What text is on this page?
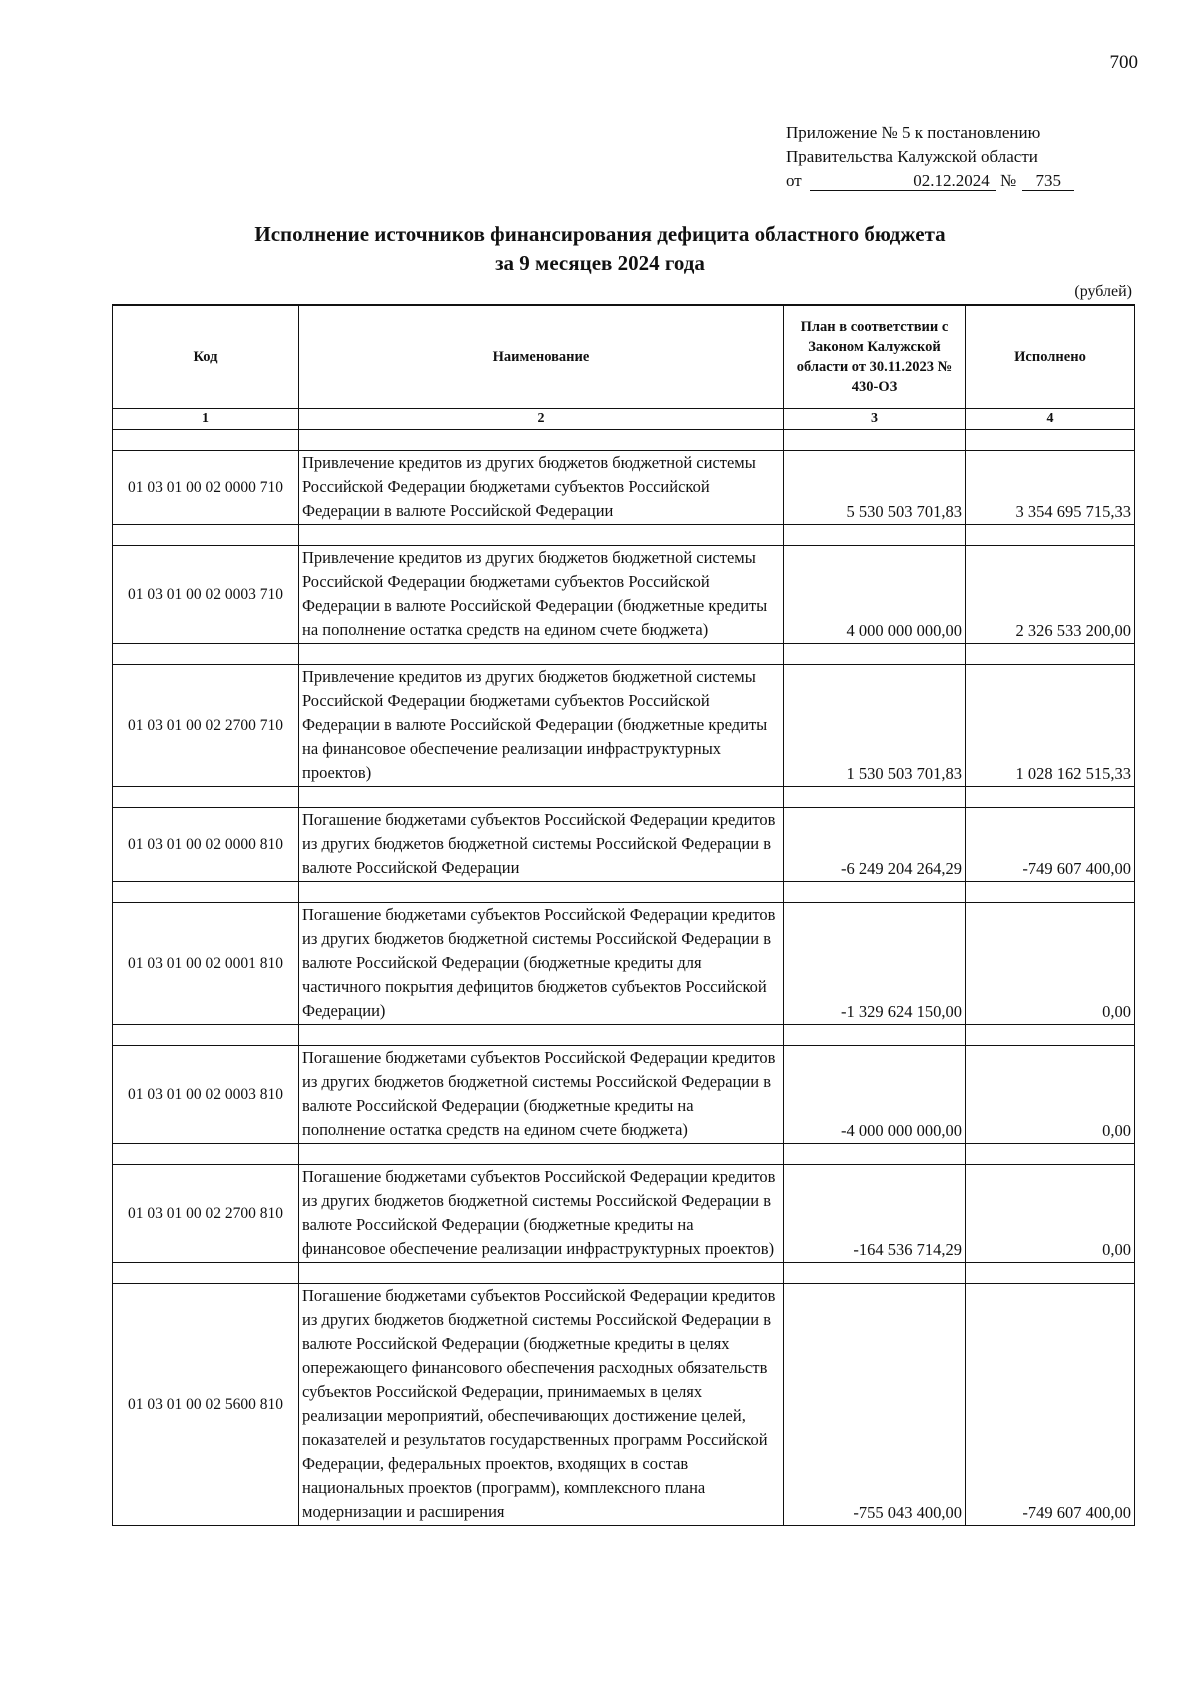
700
Приложение № 5 к постановлению
Правительства Калужской области
от	02.12.2024 № 735
Исполнение источников финансирования дефицита областного бюджета
за 9 месяцев 2024 года
(рублей)
Код	Наименование	План в соответствии с Законом Калужской области от 30.11.2023 № 430-ОЗ	Исполнено
1	2	3	4

01 03 01 00 02 0000 710	Привлечение кредитов из других бюджетов бюджетной системы Российской Федерации бюджетами субъектов Российской Федерации в валюте Российской Федерации	5 530 503 701,83	3 354 695 715,33

01 03 01 00 02 0003 710	Привлечение кредитов из других бюджетов бюджетной системы Российской Федерации бюджетами субъектов Российской Федерации в валюте Российской Федерации (бюджетные кредиты на пополнение остатка средств на едином счете бюджета)	4 000 000 000,00	2 326 533 200,00

01 03 01 00 02 2700 710	Привлечение кредитов из других бюджетов бюджетной системы Российской Федерации бюджетами субъектов Российской Федерации в валюте Российской Федерации (бюджетные кредиты на финансовое обеспечение реализации инфраструктурных проектов)	1 530 503 701,83	1 028 162 515,33

01 03 01 00 02 0000 810	Погашение бюджетами субъектов Российской Федерации кредитов из других бюджетов бюджетной системы Российской Федерации в валюте Российской Федерации	-6 249 204 264,29	-749 607 400,00

01 03 01 00 02 0001 810	Погашение бюджетами субъектов Российской Федерации кредитов из других бюджетов бюджетной системы Российской Федерации в валюте Российской Федерации (бюджетные кредиты для частичного покрытия дефицитов бюджетов субъектов Российской Федерации)	-1 329 624 150,00	0,00

01 03 01 00 02 0003 810	Погашение бюджетами субъектов Российской Федерации кредитов из других бюджетов бюджетной системы Российской Федерации в валюте Российской Федерации (бюджетные кредиты на пополнение остатка средств на едином счете бюджета)	-4 000 000 000,00	0,00

01 03 01 00 02 2700 810	Погашение бюджетами субъектов Российской Федерации кредитов из других бюджетов бюджетной системы Российской Федерации в валюте Российской Федерации (бюджетные кредиты на финансовое обеспечение реализации инфраструктурных проектов)	-164 536 714,29	0,00

01 03 01 00 02 5600 810	Погашение бюджетами субъектов Российской Федерации кредитов из других бюджетов бюджетной системы Российской Федерации в валюте Российской Федерации (бюджетные кредиты в целях опережающего финансового обеспечения расходных обязательств субъектов Российской Федерации, принимаемых в целях реализации мероприятий, обеспечивающих достижение целей, показателей и результатов государственных программ Российской Федерации, федеральных проектов, входящих в состав национальных проектов (программ), комплексного плана модернизации и расширения	-755 043 400,00	-749 607 400,00
